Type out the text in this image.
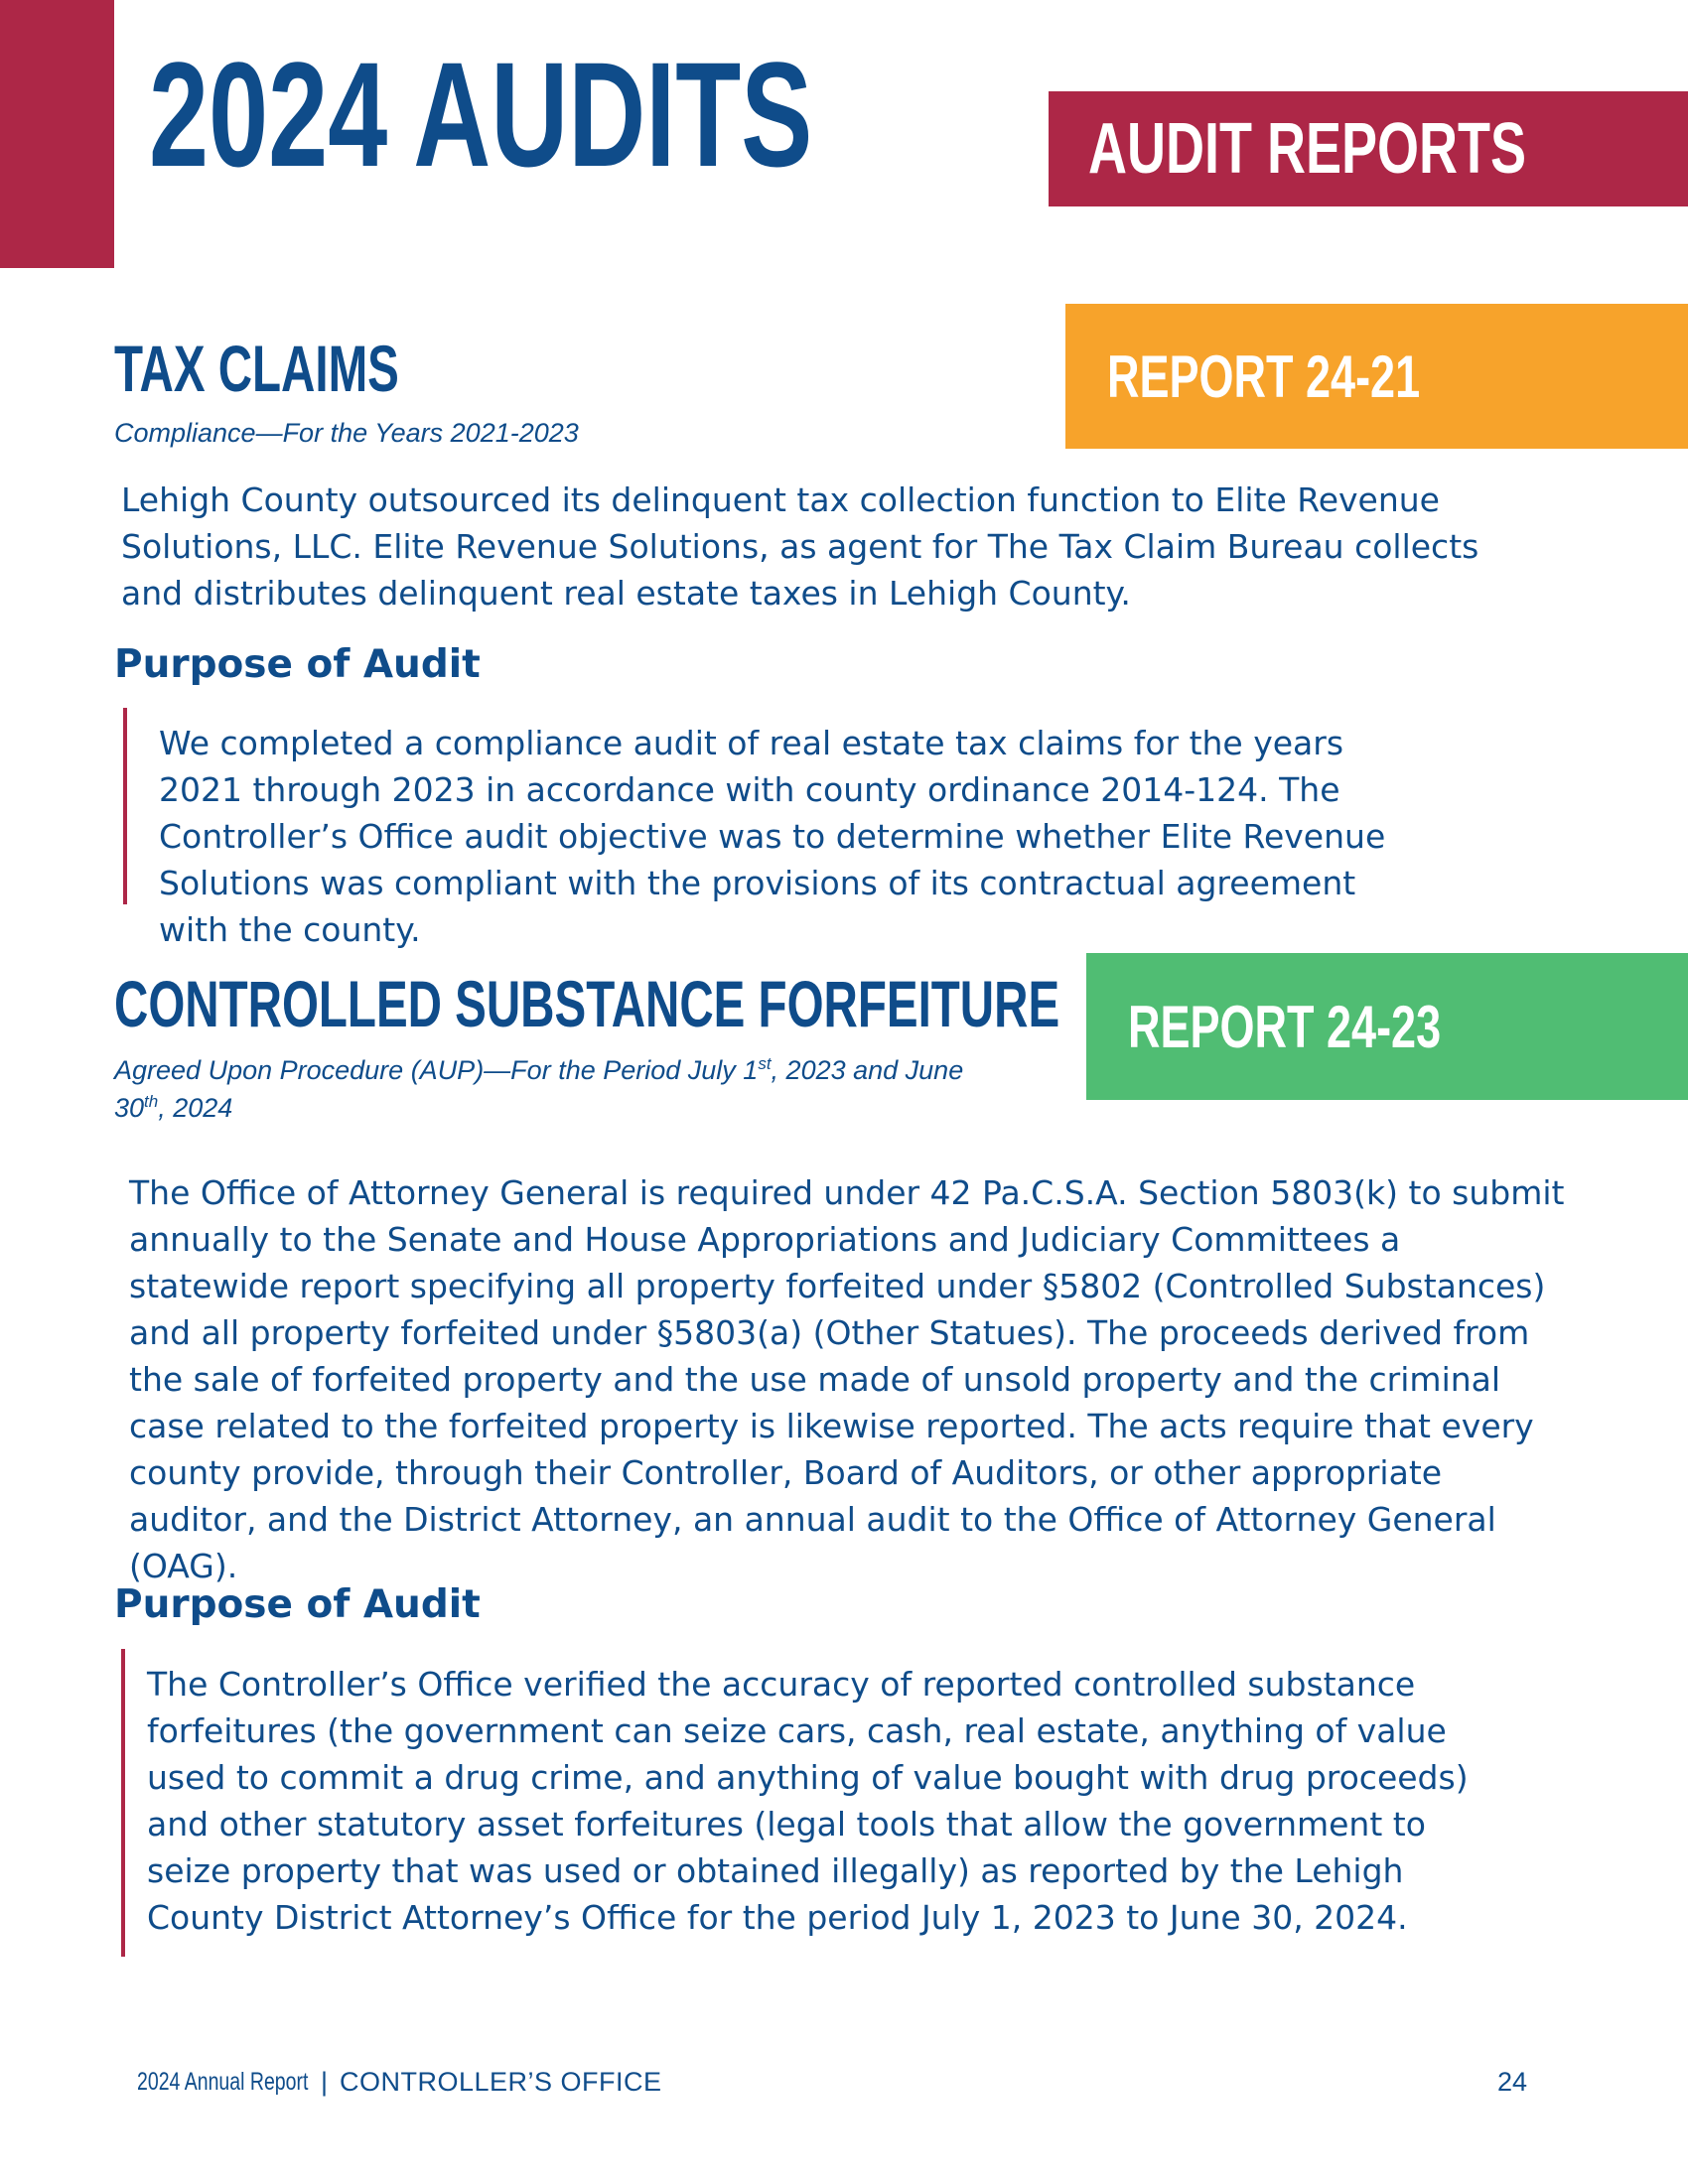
2024 AUDITS	AUDIT REPORTS
TAX CLAIMS	REPORT 24-21

Compliance—For the Years 2021-2023

Lehigh County outsourced its delinquent tax collection function to Elite Revenue Solutions, LLC. Elite Revenue Solutions, as agent for The Tax Claim Bureau collects and distributes delinquent real estate taxes in Lehigh County.

Purpose of Audit

We completed a compliance audit of real estate tax claims for the years 2021 through 2023 in accordance with county ordinance 2014-124. The Controller’s Office audit objective was to determine whether Elite Revenue Solutions was compliant with the provisions of its contractual agreement with the county.

CONTROLLED SUBSTANCE FORFEITURE REPORT 24-23

Agreed Upon Procedure (AUP)—For the Period July 1st, 2023 and June 30th, 2024

The Office of Attorney General is required under 42 Pa.C.S.A. Section 5803(k) to submit annually to the Senate and House Appropriations and Judiciary Committees a statewide report specifying all property forfeited under §5802 (Controlled Substances) and all property forfeited under §5803(a) (Other Statues). The proceeds derived from the sale of forfeited property and the use made of unsold property and the criminal case related to the forfeited property is likewise reported. The acts require that every county provide, through their Controller, Board of Auditors, or other appropriate auditor, and the District Attorney, an annual audit to the Office of Attorney General (OAG).

Purpose of Audit

The Controller’s Office verified the accuracy of reported controlled substance forfeitures (the government can seize cars, cash, real estate, anything of value used to commit a drug crime, and anything of value bought with drug proceeds) and other statutory asset forfeitures (legal tools that allow the government to seize property that was used or obtained illegally) as reported by the Lehigh County District Attorney’s Office for the period July 1, 2023 to June 30, 2024.

2024 Annual Report | CONTROLLER’S OFFICE	24
